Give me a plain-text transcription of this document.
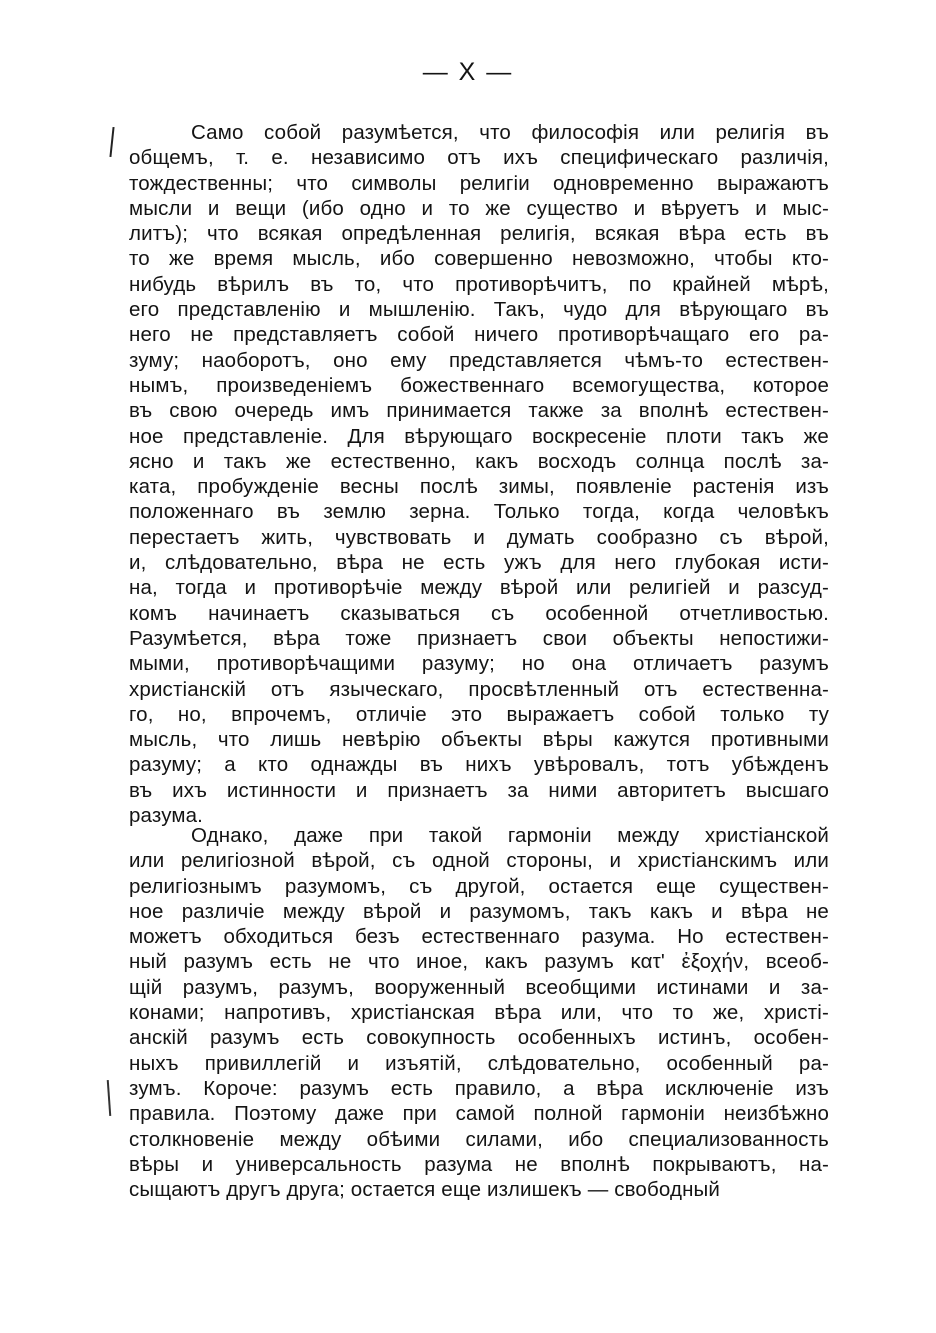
— X —
Само собой разумѣется, что философія или религія въ
общемъ, т. е. независимо отъ ихъ специфическаго различія,
тождественны; что символы религіи одновременно выражаютъ
мысли и вещи (ибо одно и то же существо и вѣруетъ и мыс-
литъ); что всякая опредѣленная религія, всякая вѣра есть въ
то же время мысль, ибо совершенно невозможно, чтобы кто-
нибудь вѣрилъ въ то, что противорѣчитъ, по крайней мѣрѣ,
его представленію и мышленію. Такъ, чудо для вѣрующаго въ
него не представляетъ собой ничего противорѣчащаго его ра-
зуму; наоборотъ, оно ему представляется чѣмъ-то естествен-
нымъ, произведеніемъ божественнаго всемогущества, которое
въ свою очередь имъ принимается также за вполнѣ естествен-
ное представленіе. Для вѣрующаго воскресеніе плоти такъ же
ясно и такъ же естественно, какъ восходъ солнца послѣ за-
ката, пробужденіе весны послѣ зимы, появленіе растенія изъ
положеннаго въ землю зерна. Только тогда, когда человѣкъ
перестаетъ жить, чувствовать и думать сообразно съ вѣрой,
и, слѣдовательно, вѣра не есть ужъ для него глубокая исти-
на, тогда и противорѣчіе между вѣрой или религіей и разсуд-
комъ начинаетъ сказываться съ особенной отчетливостью.
Разумѣется, вѣра тоже признаетъ свои объекты непостижи-
мыми, противорѣчащими разуму; но она отличаетъ разумъ
христіанскій отъ языческаго, просвѣтленный отъ естественна-
го, но, впрочемъ, отличіе это выражаетъ собой только ту
мысль, что лишь невѣрію объекты вѣры кажутся противными
разуму; а кто однажды въ нихъ увѣровалъ, тотъ убѣжденъ
въ ихъ истинности и признаетъ за ними авторитетъ высшаго
разума.
Однако, даже при такой гармоніи между христіанской
или религіозной вѣрой, съ одной стороны, и христіанскимъ или
религіознымъ разумомъ, съ другой, остается еще существен-
ное различіе между вѣрой и разумомъ, такъ какъ и вѣра не
можетъ обходиться безъ естественнаго разума. Но естествен-
ный разумъ есть не что иное, какъ разумъ κατ' ἐξοχήν, всеоб-
щій разумъ, разумъ, вооруженный всеобщими истинами и за-
конами; напротивъ, христіанская вѣра или, что то же, христі-
анскій разумъ есть совокупность особенныхъ истинъ, особен-
ныхъ привиллегій и изъятій, слѣдовательно, особенный ра-
зумъ. Короче: разумъ есть правило, а вѣра исключеніе изъ
правила. Поэтому даже при самой полной гармоніи неизбѣжно
столкновеніе между обѣими силами, ибо специализованность
вѣры и универсальность разума не вполнѣ покрываютъ, на-
сыщаютъ другъ друга; остается еще излишекъ — свободный
